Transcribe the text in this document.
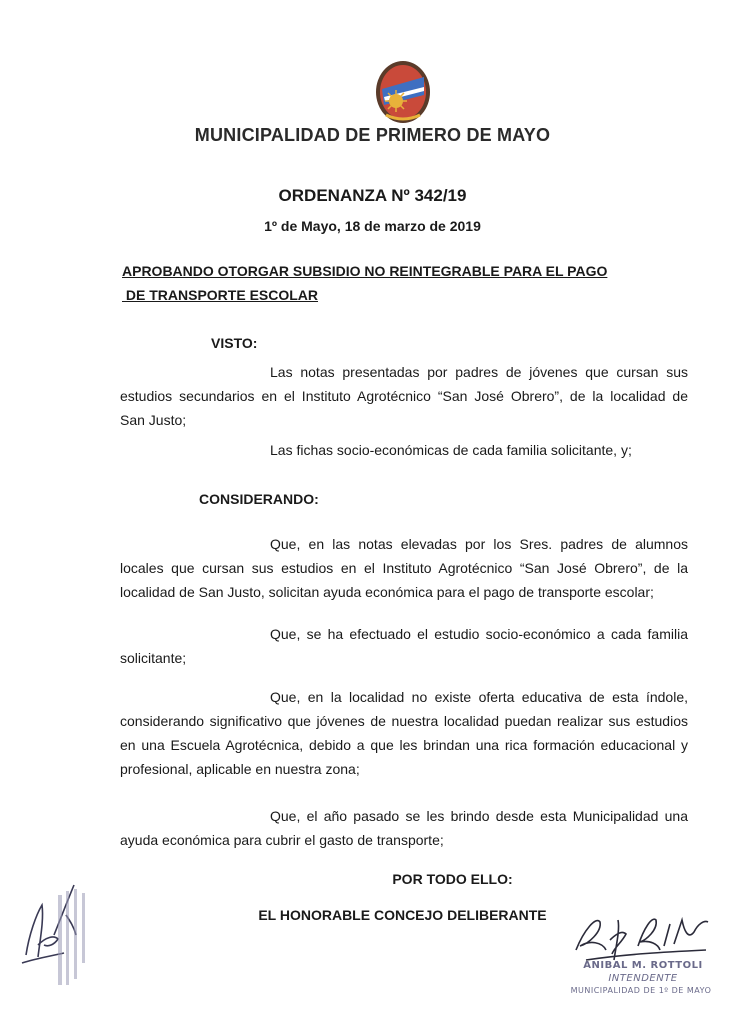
MUNICIPALIDAD DE PRIMERO DE MAYO
ORDENANZA Nº 342/19
1º de Mayo, 18 de marzo de 2019
APROBANDO OTORGAR SUBSIDIO NO REINTEGRABLE PARA EL PAGO
DE TRANSPORTE ESCOLAR
VISTO:
Las notas presentadas por padres de jóvenes que cursan sus
estudios secundarios en el Instituto Agrotécnico “San José Obrero”, de la localidad de
San Justo;
Las fichas socio-económicas de cada familia solicitante, y;
CONSIDERANDO:
Que, en las notas elevadas por los Sres. padres de alumnos
locales que cursan sus estudios en el Instituto Agrotécnico “San José Obrero”, de la
localidad de San Justo, solicitan ayuda económica para el pago de transporte escolar;
Que, se ha efectuado el estudio socio-económico a cada familia
solicitante;
Que, en la localidad no existe oferta educativa de esta índole,
considerando significativo que jóvenes de nuestra localidad puedan realizar sus estudios
en una Escuela Agrotécnica, debido a que les brindan una rica formación educacional y
profesional, aplicable en nuestra zona;
Que, el año pasado se les brindo desde esta Municipalidad una
ayuda económica para cubrir el gasto de transporte;
POR TODO ELLO:
EL HONORABLE CONCEJO DELIBERANTE
ANIBAL M. ROTTOLI
INTENDENTE
MUNICIPALIDAD DE 1º DE MAYO
